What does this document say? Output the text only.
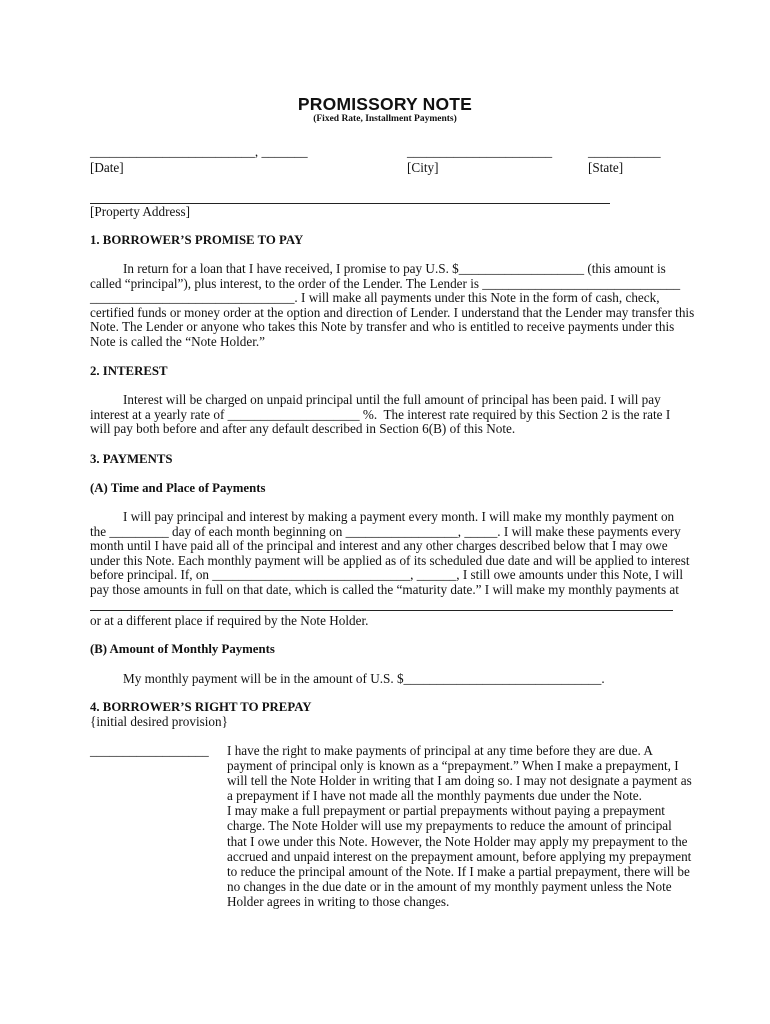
PROMISSORY NOTE
(Fixed Rate, Installment Payments)
_________________________, _______	______________________	___________
[Date]	[City]	[State]
[Property Address]
1. BORROWER’S PROMISE TO PAY
In return for a loan that I have received, I promise to pay U.S. $___________________ (this amount is
called “principal”), plus interest, to the order of the Lender. The Lender is ______________________________
_______________________________. I will make all payments under this Note in the form of cash, check,
certified funds or money order at the option and direction of Lender. I understand that the Lender may transfer this
Note. The Lender or anyone who takes this Note by transfer and who is entitled to receive payments under this
Note is called the “Note Holder.”
2. INTEREST
Interest will be charged on unpaid principal until the full amount of principal has been paid. I will pay
interest at a yearly rate of ____________________ %.  The interest rate required by this Section 2 is the rate I
will pay both before and after any default described in Section 6(B) of this Note.
3. PAYMENTS
(A) Time and Place of Payments
I will pay principal and interest by making a payment every month. I will make my monthly payment on
the _________ day of each month beginning on _________________, _____. I will make these payments every
month until I have paid all of the principal and interest and any other charges described below that I may owe
under this Note. Each monthly payment will be applied as of its scheduled due date and will be applied to interest
before principal. If, on ______________________________, ______, I still owe amounts under this Note, I will
pay those amounts in full on that date, which is called the “maturity date.” I will make my monthly payments at
or at a different place if required by the Note Holder.
(B) Amount of Monthly Payments
My monthly payment will be in the amount of U.S. $______________________________.
4. BORROWER’S RIGHT TO PREPAY
{initial desired provision}
__________________ I have the right to make payments of principal at any time before they are due. A
payment of principal only is known as a “prepayment.” When I make a prepayment, I
will tell the Note Holder in writing that I am doing so. I may not designate a payment as
a prepayment if I have not made all the monthly payments due under the Note.
I may make a full prepayment or partial prepayments without paying a prepayment
charge. The Note Holder will use my prepayments to reduce the amount of principal
that I owe under this Note. However, the Note Holder may apply my prepayment to the
accrued and unpaid interest on the prepayment amount, before applying my prepayment
to reduce the principal amount of the Note. If I make a partial prepayment, there will be
no changes in the due date or in the amount of my monthly payment unless the Note
Holder agrees in writing to those changes.
